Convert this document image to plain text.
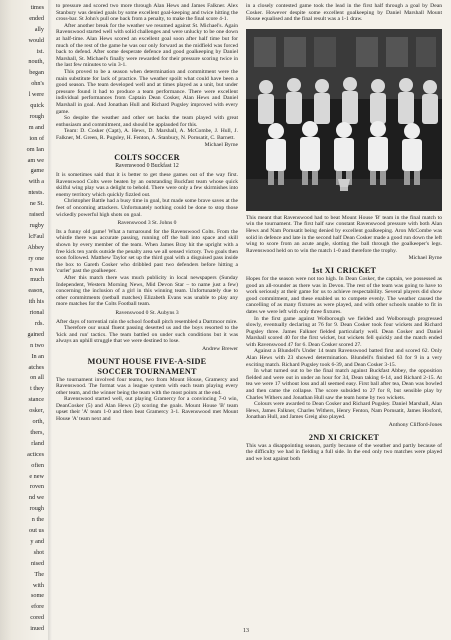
times
ended
ally
would
ist.
nouth,
began
ohn's
l were
quick
rough
m and
ion of
om Ian
am we
game
with a
ntests.
ne St.
raised
rugby
lcFaul
Abbey
ry one
n was
much
eason,
ith his
rional
rds.
gained
n two
In an
atches
on all
t they
stance
osker,
orth,
thers,
rland
actices
ofien
e new
roven
nd we
rough
n the
out us
y and
shot
nised
The
with
some
efore
cored
inued

to pressure and scored two more through Alan Hews and James Falkner. Alex Stanbury was denied goals by some excellent goal-keeping and twice hitting the cross-bar. St John's pull one back from a penalty, to make the final score 4-1.

After another break for the weather we resumed against St. Michael's. Again Ravenswood started well with solid challenges and were unlucky to be one down at half-time. Alan Hews scored an excellent goal soon after half time but for much of the rest of the game he was our only forward as the midfield was forced back to defend. After some desperate defence and good goalkeeping by Daniel Marshall, St. Michael's finally were rewarded for their pressure scoring twice in the last few minutes to win 3-1.

This proved to be a season when determination and commitment were the main substitute for lack of practice. The weather spoilt what could have been a good season. The team developed well and at times played as a unit, but under pressure found it had to produce a team performance. There were excellent individual performances from Captain Dean Cosker, Alan Hews and Daniel Marshall in goal. And Jonathan Hull and Richard Pugsley improved with every game.

So despite the weather and other set backs the team played with great enthusiasm and commitment, and should be applauded for this.

Team: D. Cosker (Capt), A. Hews, D. Marshall, A. McCombe, J. Hull, J. Falkner, M. Green, R. Pugsley, H. Fenton, A. Stanbury, N. Pornsatit, C. Barnett.

Michael Byrne
COLTS SOCCER
Ravenswood 0 Buckfast 12

It is sometimes said that it is better to get these games out of the way first. Ravenswood Colts were beaten by an outstanding Buckfast team whose quick skilful wing play was a delight to behold. There were only a few skirmishes into enemy territory which quickly fizzled out.

Christopher Battle had a busy time in goal, but made some brave saves at the feet of oncoming attackers. Unfortunately nothing could be done to stop those wickedly powerful high shots on goal.

Ravenswood 3 St. Johns 0

Its a funny old game! What a turnaround for the Ravenswood Colts. From the whistle there was accurate passing, running off the ball into space and skill shown by every member of the team. When James Bray hit the upright with a free kick ten yards outside the penalty area we all sensed victory. Two goals then soon followed. Matthew Taylor set up the third goal with a disguised pass inside the box to Gareth Cosker who dribbled past two defenders before hitting a 'curler' past the goalkeeper.

After this match there was much publicity in local newspapers (Sunday Independent, Western Morning News, Mid Devon Star – to name just a few) concerning the inclusion of a girl in this winning team. Unfortunately due to other commitments (netball matches) Elizabeth Evans was unable to play any more matches for the Colts Football team.

Ravenswood 0 St. Aubyns 3

After days of torrential rain the school football pitch resembled a Dartmoor mire.

Therefore our usual fluent passing deserted us and the boys resorted to the 'kick and run' tactics. The team battled on under such conditions but it was always an uphill struggle that we were destined to lose.

Andrew Brewer
MOUNT HOUSE FIVE-A-SIDE
SOCCER TOURNAMENT

The tournament involved four teams, two from Mount House, Gramercy and Ravenswood. The format was a league system with each team playing every other team, and the winner being the team with the most points at the end.

Ravenswood started well, out playing Gramercy for a convincing 7-0 win, DeanCosker (5) and Alan Hews (2) scoring the goals. Mount House 'B' team upset their 'A' team 1-0 and then beat Gramercy 3-1. Ravenswood met Mount House 'A' team next and

in a closely contested game took the lead in the first half through a goal by Dean Cosker. However despite some excellent goalkeeping by Daniel Marshall Mount House equalised and the final result was a 1-1 draw.

This meant that Ravenswood had to beat Mount House 'B' team in the final match to win the tournament. The first half saw constant Ravenswood pressure with both Alan Hews and Nam Pornsatit being denied by excellent goalkeeping. Aron McCombe was solid in defence and late in the second half Dean Cosker made a good run down the left wing to score from an acute angle, slotting the ball through the goalkeeper's legs. Ravenswood held on to win the match 1-0 and therefore the trophy.

Michael Byrne
1st XI CRICKET

Hopes for the season were not too high. In Dean Cosker, the captain, we possessed as good an all-rounder as there was in Devon. The rest of the team was going to have to work seriously at their game for us to achieve respectability. Several players did show good commitment, and these enabled us to compete evenly. The weather caused the cancelling of as many fixtures as were played, and with other schools unable to fit in dates we were left with only three fixtures.

In the first game against Wolborough we fielded and Wolborough progressed slowly, eventually declaring at 76 for 9. Dean Cosker took four wickets and Richard Pugsley three. James Falkner fielded particularly well. Dean Cosker and Daniel Marshall scored 40 for the first wicket, but wickets fell quickly and the match ended with Ravenswood 47 for 6. Dean Cosker scored 27.

Against a Blundell's Under 14 team Ravenswood batted first and scored 62. Only Alan Hews with 23 showed determination. Blundell's finished 63 for 9 in a very exciting match. Richard Pugsley took 6-39, and Dean Cosker 3-15.

In what turned out to be the final match against Buckfast Abbey, the opposition fielded and were out in under an hour for 34, Dean taking 6-14, and Richard 2-15. At tea we were 17 without loss and all seemed easy. First ball after tea, Dean was bowled and then came the collapse. The score subsided to 27 for 8, but sensible play by Charles Withers and Jonathan Hull saw the team home by two wickets.

Colours were awarded to Dean Cosker and Richard Pugsley. Daniel Marshall, Alan Hews, James Falkner, Charles Withers, Henry Fenton, Nam Pornsatit, James Hosford, Jonathan Hull, and James Greig also played.

Anthony Clifford-Jones
2ND XI CRICKET

This was a disappointing season, partly because of the weather and partly because of the difficulty we had in fielding a full side. In the end only two matches were played and we lost against both

13
